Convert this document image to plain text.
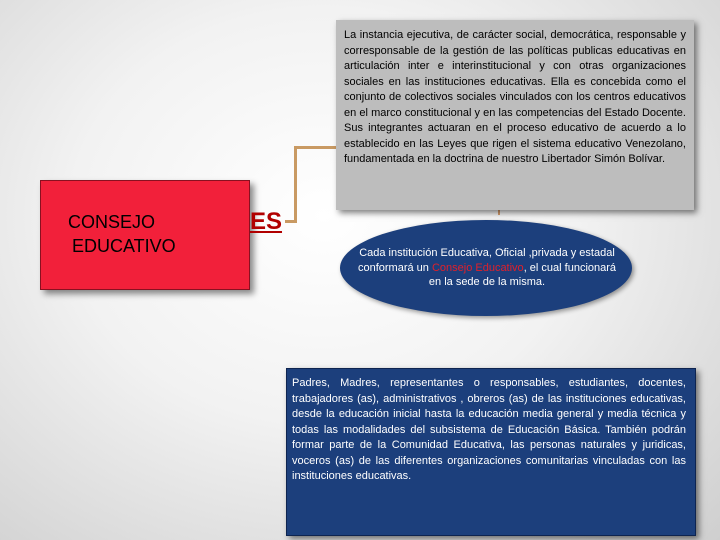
CONSEJO
EDUCATIVO
ES
La instancia ejecutiva, de carácter social, democrática, responsable y corresponsable de la gestión de las políticas publicas educativas en articulación inter e interinstitucional y con otras organizaciones sociales en las instituciones educativas. Ella es concebida como el conjunto de colectivos sociales vinculados con los centros educativos en el marco constitucional y en las competencias del Estado Docente. Sus integrantes actuaran en el proceso educativo de acuerdo a lo establecido en las Leyes que rigen el sistema educativo Venezolano, fundamentada en la doctrina de nuestro Libertador Simón Bolívar.
Cada institución Educativa, Oficial ,privada y estadal conformará un Consejo Educativo, el cual funcionará en la sede de la misma.
Padres, Madres, representantes o responsables, estudiantes, docentes, trabajadores (as), administrativos , obreros (as) de las instituciones educativas, desde la educación inicial hasta la educación media general y media técnica y todas las modalidades del subsistema de Educación Básica. También podrán formar parte de la Comunidad Educativa, las personas naturales y juridicas, voceros (as) de las diferentes organizaciones comunitarias vinculadas con las instituciones educativas.
